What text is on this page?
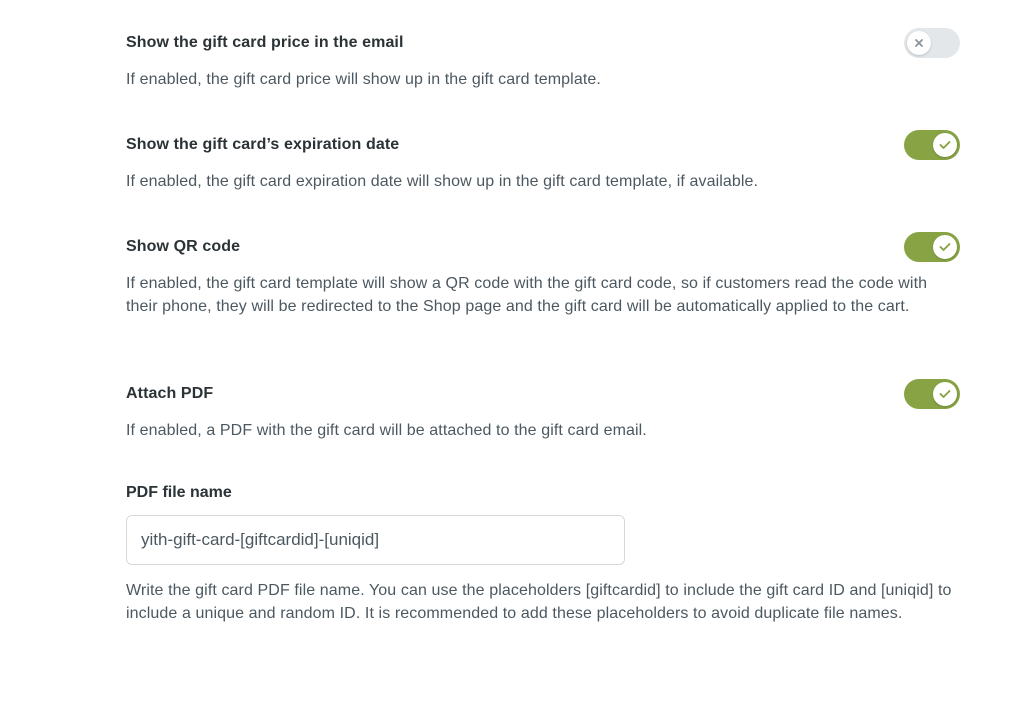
Show the gift card price in the email
If enabled, the gift card price will show up in the gift card template.
Show the gift card’s expiration date
If enabled, the gift card expiration date will show up in the gift card template, if available.
Show QR code
If enabled, the gift card template will show a QR code with the gift card code, so if customers read the code with their phone, they will be redirected to the Shop page and the gift card will be automatically applied to the cart.
Attach PDF
If enabled, a PDF with the gift card will be attached to the gift card email.
PDF file name
yith-gift-card-[giftcardid]-[uniqid]
Write the gift card PDF file name. You can use the placeholders [giftcardid] to include the gift card ID and [uniqid] to include a unique and random ID. It is recommended to add these placeholders to avoid duplicate file names.
